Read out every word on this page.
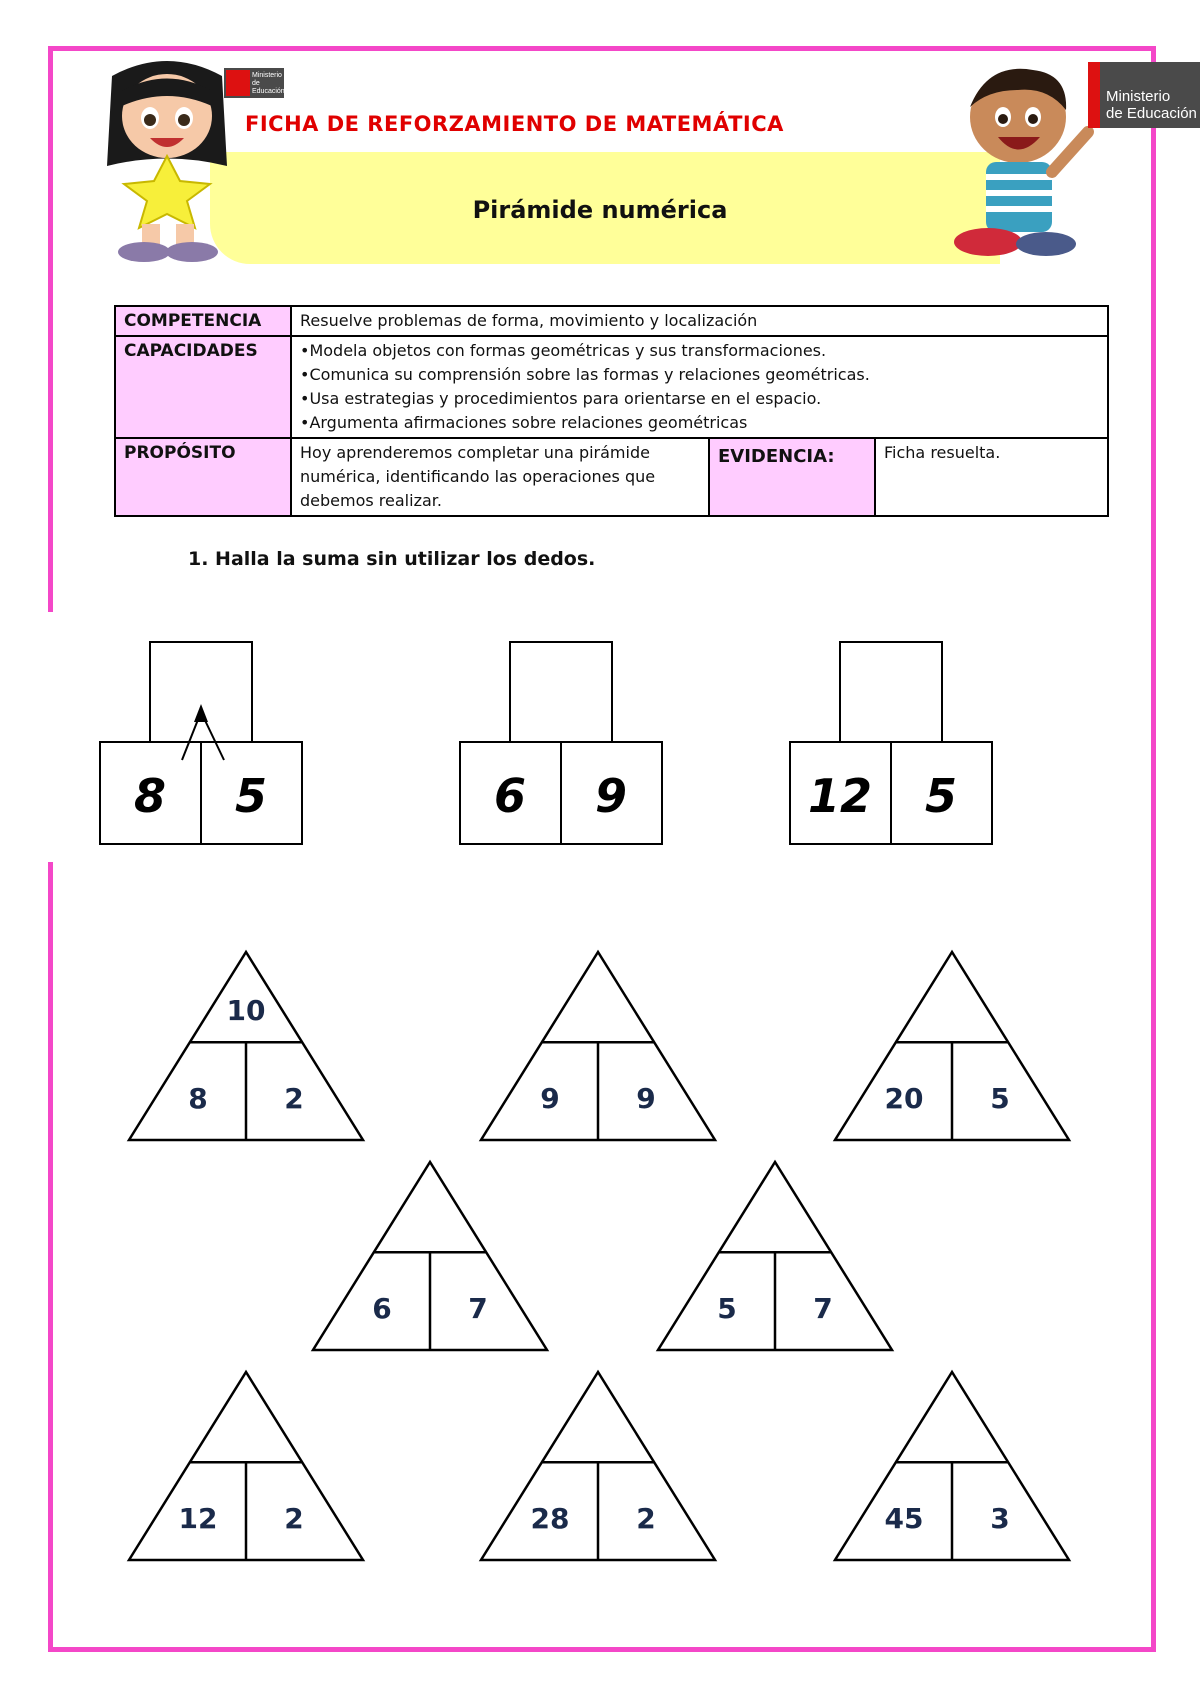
Ministerio de Educación	Ministerio
de Educación
FICHA DE REFORZAMIENTO DE MATEMÁTICA
Pirámide numérica
COMPETENCIA	Resuelve problemas de forma, movimiento y localización		
CAPACIDADES	•Modela objetos con formas geométricas y sus transformaciones.
•Comunica su comprensión sobre las formas y relaciones geométricas.
•Usa estrategias y procedimientos para orientarse en el espacio.
•Argumenta afirmaciones sobre relaciones geométricas		

PROPÓSITO	Hoy aprenderemos completar una pirámide numérica, identificando las operaciones que debemos realizar.	EVIDENCIA:	Ficha resuelta.
1. Halla la suma sin utilizar los dedos.
8 5	6 9	12 5
8	2
10
9	9	20 5
6	7	5	7
12 2	28 2	45 3
